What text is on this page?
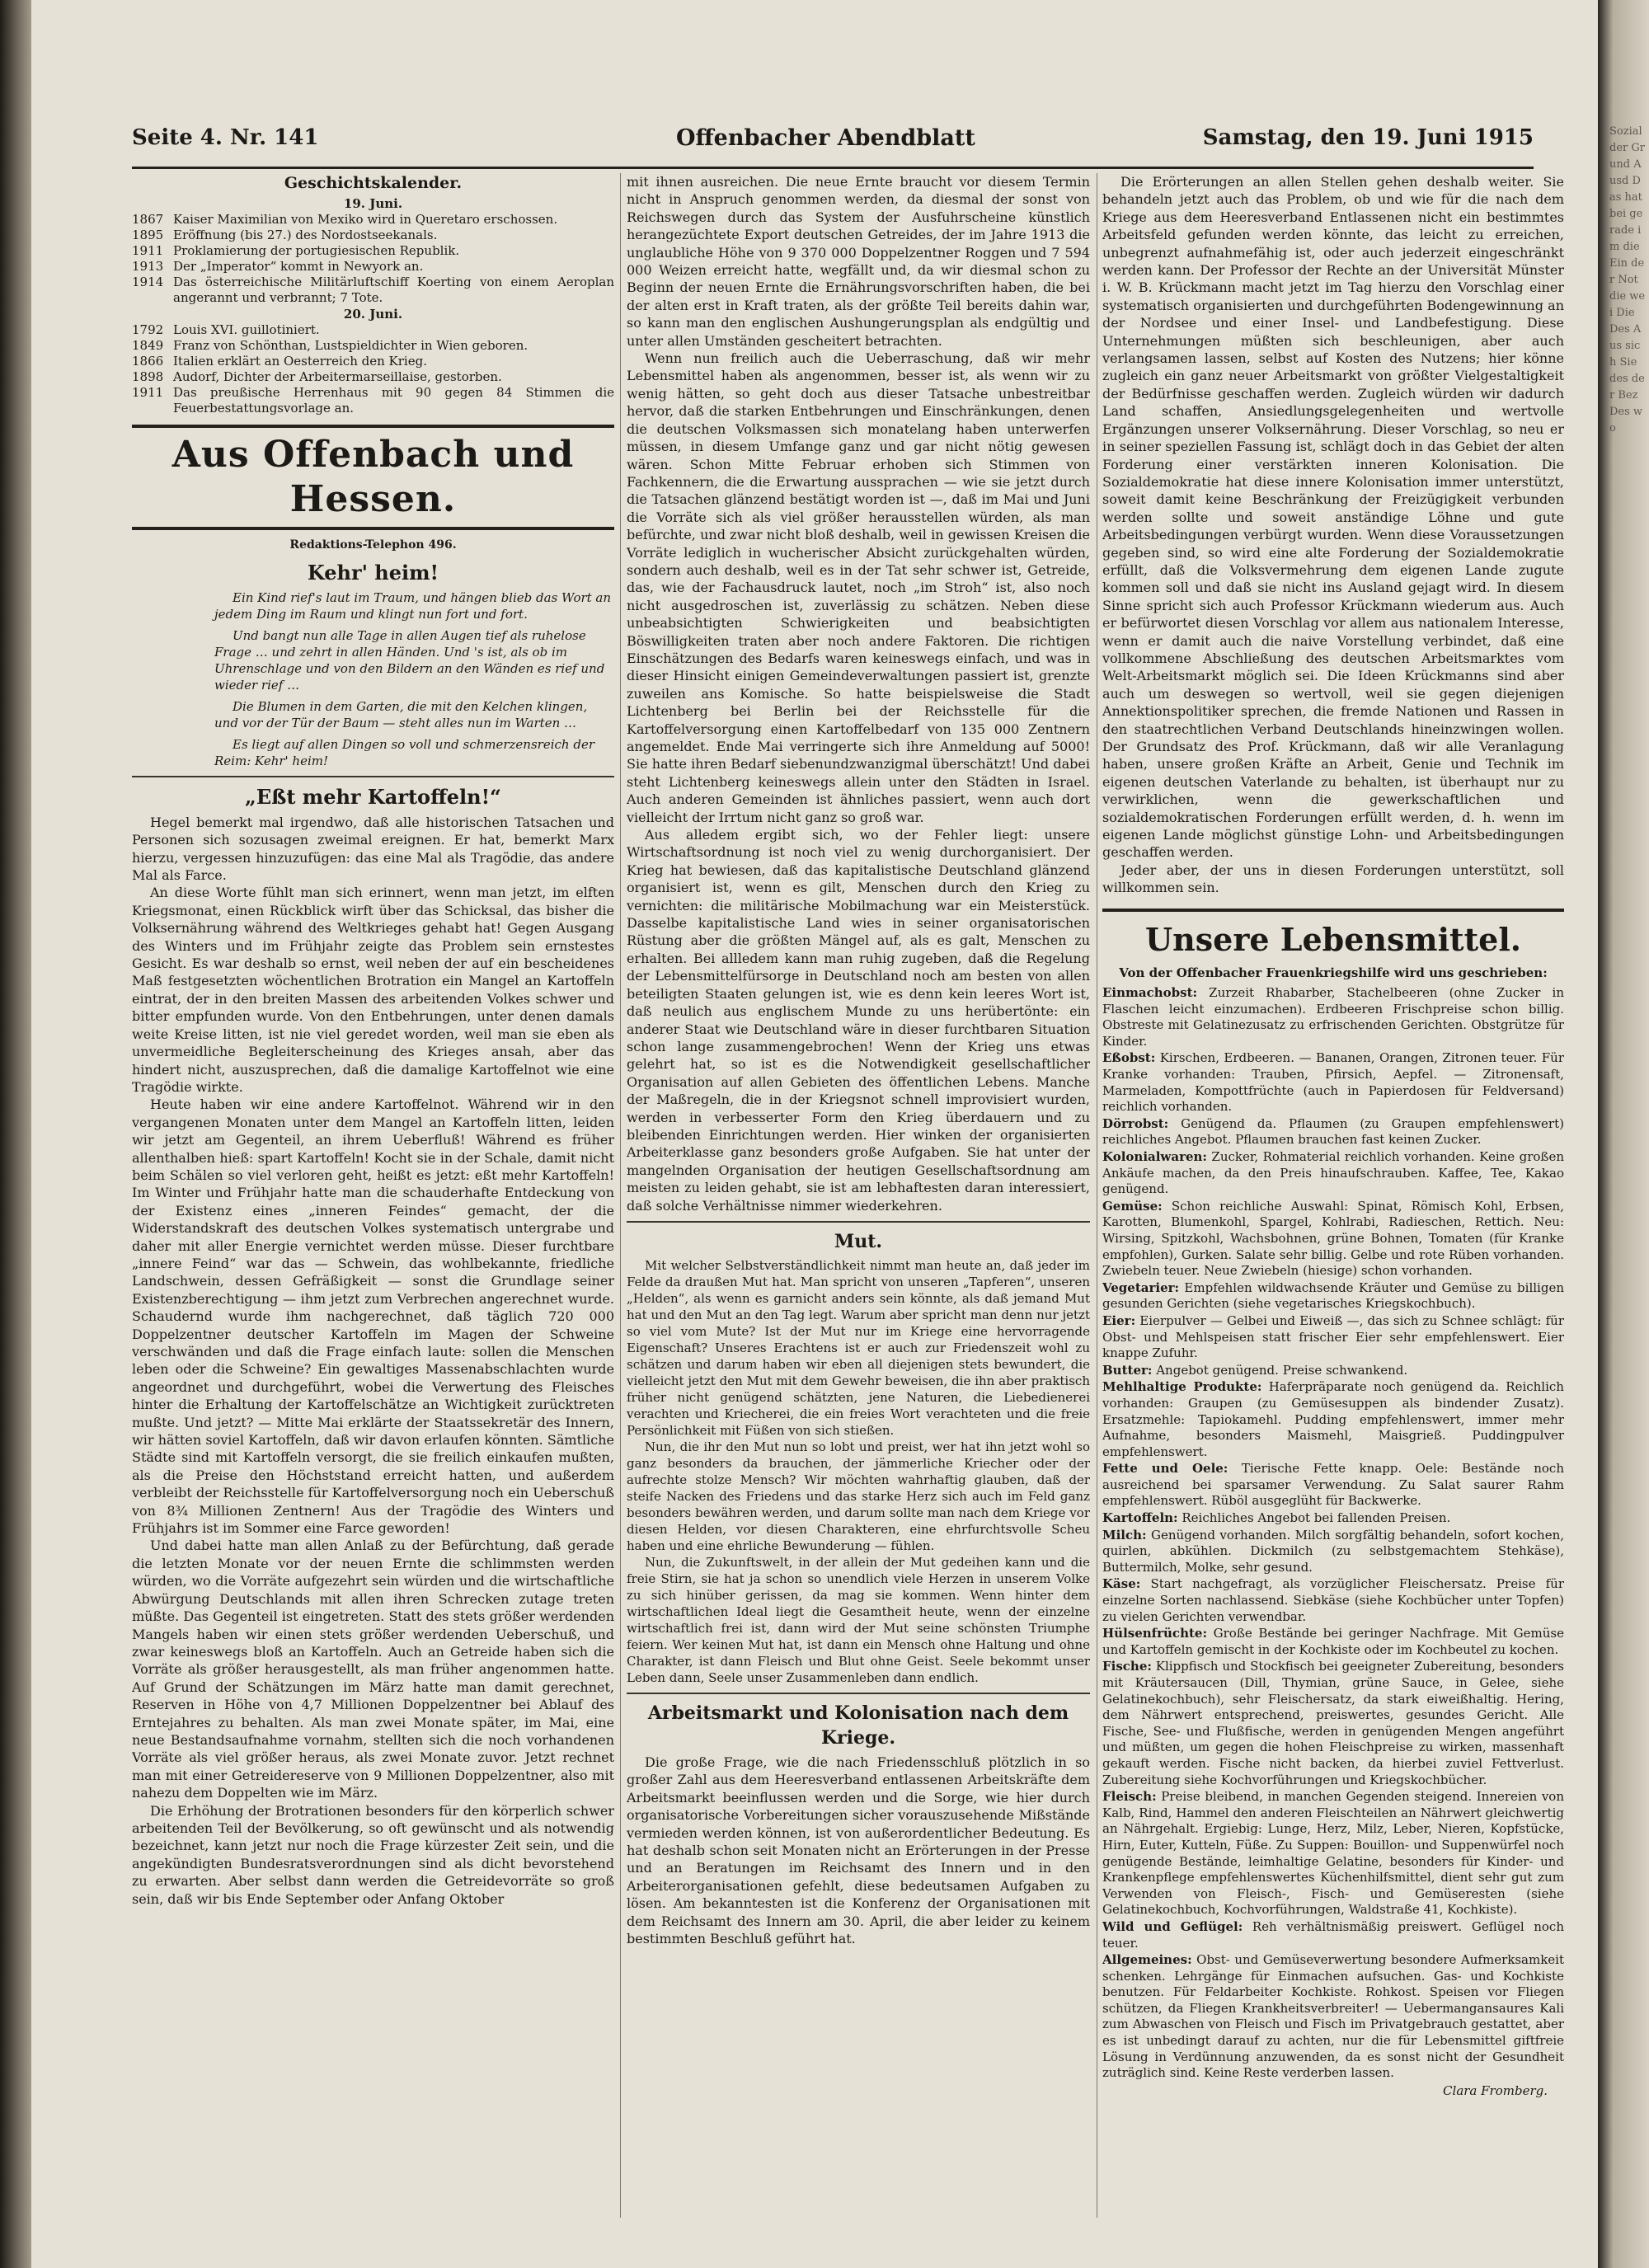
Seite 4. Nr. 141	Offenbacher Abendblatt	Samstag, den 19. Juni 1915
Geschichtskalender.
19. Juni.
1867 Kaiser Maximilian von Mexiko wird in Queretaro erschossen.
1895 Eröffnung (bis 27.) des Nordostseekanals.
1911 Proklamierung der portugiesischen Republik.
1913 Der „Imperator“ kommt in Newyork an.
1914 Das österreichische Militärluftschiff Koerting von einem Aeroplan angerannt und verbrannt; 7 Tote.
20. Juni.
1792 Louis XVI. guillotiniert.
1849 Franz von Schönthan, Lustspieldichter in Wien geboren.
1866 Italien erklärt an Oesterreich den Krieg.
1898 Audorf, Dichter der Arbeitermarseillaise, gestorben.
1911 Das preußische Herrenhaus mit 90 gegen 84 Stimmen die Feuerbestattungsvorlage an.
Aus Offenbach und Hessen.
Redaktions-Telephon 496.
Kehr' heim!

Ein Kind rief's laut im Traum, und hängen blieb das Wort an jedem Ding im Raum und klingt nun fort und fort.

Und bangt nun alle Tage in allen Augen tief als ruhelose Frage … und zehrt in allen Händen. Und 's ist, als ob im Uhrenschlage und von den Bildern an den Wänden es rief und wieder rief …

Die Blumen in dem Garten, die mit den Kelchen klingen, und vor der Tür der Baum — steht alles nun im Warten …

Es liegt auf allen Dingen so voll und schmerzensreich der Reim: Kehr' heim!

„Eßt mehr Kartoffeln!“

Hegel bemerkt mal irgendwo, daß alle historischen Tatsachen und Personen sich sozusagen zweimal ereignen. Er hat, bemerkt Marx hierzu, vergessen hinzuzufügen: das eine Mal als Tragödie, das andere Mal als Farce.

An diese Worte fühlt man sich erinnert, wenn man jetzt, im elften Kriegsmonat, einen Rückblick wirft über das Schicksal, das bisher die Volksernährung während des Weltkrieges gehabt hat! Gegen Ausgang des Winters und im Frühjahr zeigte das Problem sein ernstestes Gesicht. Es war deshalb so ernst, weil neben der auf ein bescheidenes Maß festgesetzten wöchentlichen Brotration ein Mangel an Kartoffeln eintrat, der in den breiten Massen des arbeitenden Volkes schwer und bitter empfunden wurde. Von den Entbehrungen, unter denen damals weite Kreise litten, ist nie viel geredet worden, weil man sie eben als unvermeidliche Begleiterscheinung des Krieges ansah, aber das hindert nicht, auszusprechen, daß die damalige Kartoffelnot wie eine Tragödie wirkte.

Heute haben wir eine andere Kartoffelnot. Während wir in den vergangenen Monaten unter dem Mangel an Kartoffeln litten, leiden wir jetzt am Gegenteil, an ihrem Ueberfluß! Während es früher allenthalben hieß: spart Kartoffeln! Kocht sie in der Schale, damit nicht beim Schälen so viel verloren geht, heißt es jetzt: eßt mehr Kartoffeln! Im Winter und Frühjahr hatte man die schauderhafte Entdeckung von der Existenz eines „inneren Feindes“ gemacht, der die Widerstandskraft des deutschen Volkes systematisch untergrabe und daher mit aller Energie vernichtet werden müsse. Dieser furchtbare „innere Feind“ war das — Schwein, das wohlbekannte, friedliche Landschwein, dessen Gefräßigkeit — sonst die Grundlage seiner Existenzberechtigung — ihm jetzt zum Verbrechen angerechnet wurde. Schaudernd wurde ihm nachgerechnet, daß täglich 720 000 Doppelzentner deutscher Kartoffeln im Magen der Schweine verschwänden und daß die Frage einfach laute: sollen die Menschen leben oder die Schweine? Ein gewaltiges Massenabschlachten wurde angeordnet und durchgeführt, wobei die Verwertung des Fleisches hinter die Erhaltung der Kartoffelschätze an Wichtigkeit zurücktreten mußte. Und jetzt? — Mitte Mai erklärte der Staatssekretär des Innern, wir hätten soviel Kartoffeln, daß wir davon erlaufen könnten. Sämtliche Städte sind mit Kartoffeln versorgt, die sie freilich einkaufen mußten, als die Preise den Höchststand erreicht hatten, und außerdem verbleibt der Reichsstelle für Kartoffelversorgung noch ein Ueberschuß von 8¾ Millionen Zentnern! Aus der Tragödie des Winters und Frühjahrs ist im Sommer eine Farce geworden!

Und dabei hatte man allen Anlaß zu der Befürchtung, daß gerade die letzten Monate vor der neuen Ernte die schlimmsten werden würden, wo die Vorräte aufgezehrt sein würden und die wirtschaftliche Abwürgung Deutschlands mit allen ihren Schrecken zutage treten müßte. Das Gegenteil ist eingetreten. Statt des stets größer werdenden Mangels haben wir einen stets größer werdenden Ueberschuß, und zwar keineswegs bloß an Kartoffeln. Auch an Getreide haben sich die Vorräte als größer herausgestellt, als man früher angenommen hatte. Auf Grund der Schätzungen im März hatte man damit gerechnet, Reserven in Höhe von 4,7 Millionen Doppelzentner bei Ablauf des Erntejahres zu behalten. Als man zwei Monate später, im Mai, eine neue Bestandsaufnahme vornahm, stellten sich die noch vorhandenen Vorräte als viel größer heraus, als zwei Monate zuvor. Jetzt rechnet man mit einer Getreidereserve von 9 Millionen Doppelzentner, also mit nahezu dem Doppelten wie im März.

Die Erhöhung der Brotrationen besonders für den körperlich schwer arbeitenden Teil der Bevölkerung, so oft gewünscht und als notwendig bezeichnet, kann jetzt nur noch die Frage kürzester Zeit sein, und die angekündigten Bundesratsverordnungen sind als dicht bevorstehend zu erwarten. Aber selbst dann werden die Getreidevorräte so groß sein, daß wir bis Ende September oder Anfang Oktober

mit ihnen ausreichen. Die neue Ernte braucht vor diesem Termin nicht in Anspruch genommen werden, da diesmal der sonst von Reichswegen durch das System der Ausfuhrscheine künstlich herangezüchtete Export deutschen Getreides, der im Jahre 1913 die unglaubliche Höhe von 9 370 000 Doppelzentner Roggen und 7 594 000 Weizen erreicht hatte, wegfällt und, da wir diesmal schon zu Beginn der neuen Ernte die Ernährungsvorschriften haben, die bei der alten erst in Kraft traten, als der größte Teil bereits dahin war, so kann man den englischen Aushungerungsplan als endgültig und unter allen Umständen gescheitert betrachten.

Wenn nun freilich auch die Ueberraschung, daß wir mehr Lebensmittel haben als angenommen, besser ist, als wenn wir zu wenig hätten, so geht doch aus dieser Tatsache unbestreitbar hervor, daß die starken Entbehrungen und Einschränkungen, denen die deutschen Volksmassen sich monatelang haben unterwerfen müssen, in diesem Umfange ganz und gar nicht nötig gewesen wären. Schon Mitte Februar erhoben sich Stimmen von Fachkennern, die die Erwartung aussprachen — wie sie jetzt durch die Tatsachen glänzend bestätigt worden ist —, daß im Mai und Juni die Vorräte sich als viel größer herausstellen würden, als man befürchte, und zwar nicht bloß deshalb, weil in gewissen Kreisen die Vorräte lediglich in wucherischer Absicht zurückgehalten würden, sondern auch deshalb, weil es in der Tat sehr schwer ist, Getreide, das, wie der Fachausdruck lautet, noch „im Stroh“ ist, also noch nicht ausgedroschen ist, zuverlässig zu schätzen. Neben diese unbeabsichtigten Schwierigkeiten und beabsichtigten Böswilligkeiten traten aber noch andere Faktoren. Die richtigen Einschätzungen des Bedarfs waren keineswegs einfach, und was in dieser Hinsicht einigen Gemeindeverwaltungen passiert ist, grenzte zuweilen ans Komische. So hatte beispielsweise die Stadt Lichtenberg bei Berlin bei der Reichsstelle für die Kartoffelversorgung einen Kartoffelbedarf von 135 000 Zentnern angemeldet. Ende Mai verringerte sich ihre Anmeldung auf 5000! Sie hatte ihren Bedarf siebenundzwanzigmal überschätzt! Und dabei steht Lichtenberg keineswegs allein unter den Städten in Israel. Auch anderen Gemeinden ist ähnliches passiert, wenn auch dort vielleicht der Irrtum nicht ganz so groß war.

Aus alledem ergibt sich, wo der Fehler liegt: unsere Wirtschaftsordnung ist noch viel zu wenig durchorganisiert. Der Krieg hat bewiesen, daß das kapitalistische Deutschland glänzend organisiert ist, wenn es gilt, Menschen durch den Krieg zu vernichten: die militärische Mobilmachung war ein Meisterstück. Dasselbe kapitalistische Land wies in seiner organisatorischen Rüstung aber die größten Mängel auf, als es galt, Menschen zu erhalten. Bei allledem kann man ruhig zugeben, daß die Regelung der Lebensmittelfürsorge in Deutschland noch am besten von allen beteiligten Staaten gelungen ist, wie es denn kein leeres Wort ist, daß neulich aus englischem Munde zu uns herübertönte: ein anderer Staat wie Deutschland wäre in dieser furchtbaren Situation schon lange zusammengebrochen! Wenn der Krieg uns etwas gelehrt hat, so ist es die Notwendigkeit gesellschaftlicher Organisation auf allen Gebieten des öffentlichen Lebens. Manche der Maßregeln, die in der Kriegsnot schnell improvisiert wurden, werden in verbesserter Form den Krieg überdauern und zu bleibenden Einrichtungen werden. Hier winken der organisierten Arbeiterklasse ganz besonders große Aufgaben. Sie hat unter der mangelnden Organisation der heutigen Gesellschaftsordnung am meisten zu leiden gehabt, sie ist am lebhaftesten daran interessiert, daß solche Verhältnisse nimmer wiederkehren.

Mut.

Mit welcher Selbstverständlichkeit nimmt man heute an, daß jeder im Felde da draußen Mut hat. Man spricht von unseren „Tapferen“, unseren „Helden“, als wenn es garnicht anders sein könnte, als daß jemand Mut hat und den Mut an den Tag legt. Warum aber spricht man denn nur jetzt so viel vom Mute? Ist der Mut nur im Kriege eine hervorragende Eigenschaft? Unseres Erachtens ist er auch zur Friedenszeit wohl zu schätzen und darum haben wir eben all diejenigen stets bewundert, die vielleicht jetzt den Mut mit dem Gewehr beweisen, die ihn aber praktisch früher nicht genügend schätzten, jene Naturen, die Liebedienerei verachten und Kriecherei, die ein freies Wort verachteten und die freie Persönlichkeit mit Füßen von sich stießen.

Nun, die ihr den Mut nun so lobt und preist, wer hat ihn jetzt wohl so ganz besonders da brauchen, der jämmerliche Kriecher oder der aufrechte stolze Mensch? Wir möchten wahrhaftig glauben, daß der steife Nacken des Friedens und das starke Herz sich auch im Feld ganz besonders bewähren werden, und darum sollte man nach dem Kriege vor diesen Helden, vor diesen Charakteren, eine ehrfurchtsvolle Scheu haben und eine ehrliche Bewunderung — fühlen.

Nun, die Zukunftswelt, in der allein der Mut gedeihen kann und die freie Stirn, sie hat ja schon so unendlich viele Herzen in unserem Volke zu sich hinüber gerissen, da mag sie kommen. Wenn hinter dem wirtschaftlichen Ideal liegt die Gesamtheit heute, wenn der einzelne wirtschaftlich frei ist, dann wird der Mut seine schönsten Triumphe feiern. Wer keinen Mut hat, ist dann ein Mensch ohne Haltung und ohne Charakter, ist dann Fleisch und Blut ohne Geist. Seele bekommt unser Leben dann, Seele unser Zusammenleben dann endlich.

Arbeitsmarkt und Kolonisation nach dem Kriege.

Die große Frage, wie die nach Friedensschluß plötzlich in so großer Zahl aus dem Heeresverband entlassenen Arbeitskräfte dem Arbeitsmarkt beeinflussen werden und die Sorge, wie hier durch organisatorische Vorbereitungen sicher vorauszusehende Mißstände vermieden werden können, ist von außerordentlicher Bedeutung. Es hat deshalb schon seit Monaten nicht an Erörterungen in der Presse und an Beratungen im Reichsamt des Innern und in den Arbeiterorganisationen gefehlt, diese bedeutsamen Aufgaben zu lösen. Am bekanntesten ist die Konferenz der Organisationen mit dem Reichsamt des Innern am 30. April, die aber leider zu keinem bestimmten Beschluß geführt hat.

Die Erörterungen an allen Stellen gehen deshalb weiter. Sie behandeln jetzt auch das Problem, ob und wie für die nach dem Kriege aus dem Heeresverband Entlassenen nicht ein bestimmtes Arbeitsfeld gefunden werden könnte, das leicht zu erreichen, unbegrenzt aufnahmefähig ist, oder auch jederzeit eingeschränkt werden kann. Der Professor der Rechte an der Universität Münster i. W. B. Krückmann macht jetzt im Tag hierzu den Vorschlag einer systematisch organisierten und durchgeführten Bodengewinnung an der Nordsee und einer Insel- und Landbefestigung. Diese Unternehmungen müßten sich beschleunigen, aber auch verlangsamen lassen, selbst auf Kosten des Nutzens; hier könne zugleich ein ganz neuer Arbeitsmarkt von größter Vielgestaltigkeit der Bedürfnisse geschaffen werden. Zugleich würden wir dadurch Land schaffen, Ansiedlungsgelegenheiten und wertvolle Ergänzungen unserer Volksernährung. Dieser Vorschlag, so neu er in seiner speziellen Fassung ist, schlägt doch in das Gebiet der alten Forderung einer verstärkten inneren Kolonisation. Die Sozialdemokratie hat diese innere Kolonisation immer unterstützt, soweit damit keine Beschränkung der Freizügigkeit verbunden werden sollte und soweit anständige Löhne und gute Arbeitsbedingungen verbürgt wurden. Wenn diese Voraussetzungen gegeben sind, so wird eine alte Forderung der Sozialdemokratie erfüllt, daß die Volksvermehrung dem eigenen Lande zugute kommen soll und daß sie nicht ins Ausland gejagt wird. In diesem Sinne spricht sich auch Professor Krückmann wiederum aus. Auch er befürwortet diesen Vorschlag vor allem aus nationalem Interesse, wenn er damit auch die naive Vorstellung verbindet, daß eine vollkommene Abschließung des deutschen Arbeitsmarktes vom Welt-Arbeitsmarkt möglich sei. Die Ideen Krückmanns sind aber auch um deswegen so wertvoll, weil sie gegen diejenigen Annektionspolitiker sprechen, die fremde Nationen und Rassen in den staatrechtlichen Verband Deutschlands hineinzwingen wollen. Der Grundsatz des Prof. Krückmann, daß wir alle Veranlagung haben, unsere großen Kräfte an Arbeit, Genie und Technik im eigenen deutschen Vaterlande zu behalten, ist überhaupt nur zu verwirklichen, wenn die gewerkschaftlichen und sozialdemokratischen Forderungen erfüllt werden, d. h. wenn im eigenen Lande möglichst günstige Lohn- und Arbeitsbedingungen geschaffen werden.

Jeder aber, der uns in diesen Forderungen unterstützt, soll willkommen sein.

Unsere Lebensmittel.
Von der Offenbacher Frauenkriegshilfe wird uns geschrieben:

Einmachobst: Zurzeit Rhabarber, Stachelbeeren (ohne Zucker in Flaschen leicht einzumachen). Erdbeeren Frischpreise schon billig. Obstreste mit Gelatinezusatz zu erfrischenden Gerichten. Obstgrütze für Kinder.

Eßobst: Kirschen, Erdbeeren. — Bananen, Orangen, Zitronen teuer. Für Kranke vorhanden: Trauben, Pfirsich, Aepfel. — Zitronensaft, Marmeladen, Kompottfrüchte (auch in Papierdosen für Feldversand) reichlich vorhanden.

Dörrobst: Genügend da. Pflaumen (zu Graupen empfehlenswert) reichliches Angebot. Pflaumen brauchen fast keinen Zucker.

Kolonialwaren: Zucker, Rohmaterial reichlich vorhanden. Keine großen Ankäufe machen, da den Preis hinaufschrauben. Kaffee, Tee, Kakao genügend.

Gemüse: Schon reichliche Auswahl: Spinat, Römisch Kohl, Erbsen, Karotten, Blumenkohl, Spargel, Kohlrabi, Radieschen, Rettich. Neu: Wirsing, Spitzkohl, Wachsbohnen, grüne Bohnen, Tomaten (für Kranke empfohlen), Gurken. Salate sehr billig. Gelbe und rote Rüben vorhanden. Zwiebeln teuer. Neue Zwiebeln (hiesige) schon vorhanden.

Vegetarier: Empfehlen wildwachsende Kräuter und Gemüse zu billigen gesunden Gerichten (siehe vegetarisches Kriegskochbuch).

Eier: Eierpulver — Gelbei und Eiweiß —, das sich zu Schnee schlägt: für Obst- und Mehlspeisen statt frischer Eier sehr empfehlenswert. Eier knappe Zufuhr.

Butter: Angebot genügend. Preise schwankend.

Mehlhaltige Produkte: Haferpräparate noch genügend da. Reichlich vorhanden: Graupen (zu Gemüsesuppen als bindender Zusatz). Ersatzmehle: Tapiokamehl. Pudding empfehlenswert, immer mehr Aufnahme, besonders Maismehl, Maisgrieß. Puddingpulver empfehlenswert.

Fette und Oele: Tierische Fette knapp. Oele: Bestände noch ausreichend bei sparsamer Verwendung. Zu Salat saurer Rahm empfehlenswert. Rüböl ausgeglüht für Backwerke.

Kartoffeln: Reichliches Angebot bei fallenden Preisen.

Milch: Genügend vorhanden. Milch sorgfältig behandeln, sofort kochen, quirlen, abkühlen. Dickmilch (zu selbstgemachtem Stehkäse), Buttermilch, Molke, sehr gesund.

Käse: Start nachgefragt, als vorzüglicher Fleischersatz. Preise für einzelne Sorten nachlassend. Siebkäse (siehe Kochbücher unter Topfen) zu vielen Gerichten verwendbar.

Hülsenfrüchte: Große Bestände bei geringer Nachfrage. Mit Gemüse und Kartoffeln gemischt in der Kochkiste oder im Kochbeutel zu kochen.

Fische: Klippfisch und Stockfisch bei geeigneter Zubereitung, besonders mit Kräutersaucen (Dill, Thymian, grüne Sauce, in Gelee, siehe Gelatinekochbuch), sehr Fleischersatz, da stark eiweißhaltig. Hering, dem Nährwert entsprechend, preiswertes, gesundes Gericht. Alle Fische, See- und Flußfische, werden in genügenden Mengen angeführt und müßten, um gegen die hohen Fleischpreise zu wirken, massenhaft gekauft werden. Fische nicht backen, da hierbei zuviel Fettverlust. Zubereitung siehe Kochvorführungen und Kriegskochbücher.

Fleisch: Preise bleibend, in manchen Gegenden steigend. Innereien von Kalb, Rind, Hammel den anderen Fleischteilen an Nährwert gleichwertig an Nährgehalt. Ergiebig: Lunge, Herz, Milz, Leber, Nieren, Kopfstücke, Hirn, Euter, Kutteln, Füße. Zu Suppen: Bouillon- und Suppenwürfel noch genügende Bestände, leimhaltige Gelatine, besonders für Kinder- und Krankenpflege empfehlenswertes Küchenhilfsmittel, dient sehr gut zum Verwenden von Fleisch-, Fisch- und Gemüseresten (siehe Gelatinekochbuch, Kochvorführungen, Waldstraße 41, Kochkiste).

Wild und Geflügel: Reh verhältnismäßig preiswert. Geflügel noch teuer.

Allgemeines: Obst- und Gemüseverwertung besondere Aufmerksamkeit schenken. Lehrgänge für Einmachen aufsuchen. Gas- und Kochkiste benutzen. Für Feldarbeiter Kochkiste. Rohkost. Speisen vor Fliegen schützen, da Fliegen Krankheitsverbreiter! — Uebermangansaures Kali zum Abwaschen von Fleisch und Fisch im Privatgebrauch gestattet, aber es ist unbedingt darauf zu achten, nur die für Lebensmittel giftfreie Lösung in Verdünnung anzuwenden, da es sonst nicht der Gesundheit zuträglich sind. Keine Reste verderben lassen.

Clara Fromberg.
Sozial der Grund Ausd Das hat bei gerade im die Ein der Not die wei Die Des Aus sich Sie des der Bez Des wo
